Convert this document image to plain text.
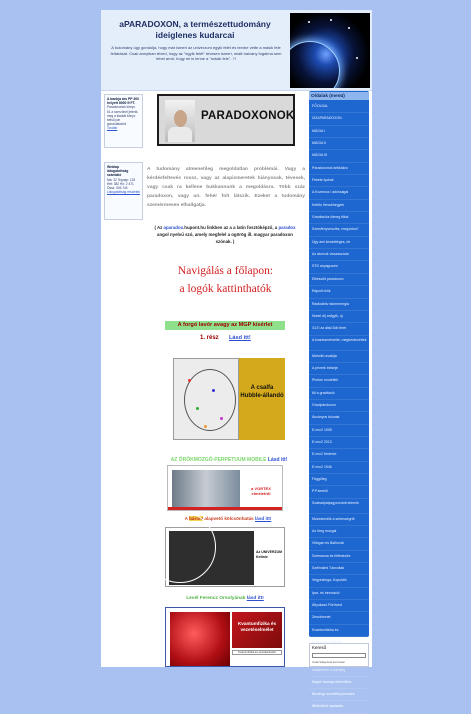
aPARADOXON, a természettudomány
ideiglenes kudarcai
A tudomány úgy gondolja, hogy már ismeri az univerzum egyik felét és tervbe vette a másik fele feltárását. Csak annyiban téved, hogy az "egyik felét" tévesen ismeri, miatt halvány fogalma sem lehet arról, hogy mi is lenne a "másik fele". ?!
A bankja árs PP 300 helyett 8000 ft FT.
Paradoxonok könyv. 61 a szerzőnél jelenik meg a kiadott könyv belső pár gondolatokról
Tovább
Weblap látogatottság számláló
Ma: 32 Tegnap: 133 Hét: 382 Hó: 2 471 Össz: 306 744
Látogatottság részletek
PARADOXONOK
A tudomány atmenetileg megoldatlan problémái. Vagy a kérdésfeltevés rossz, vagy az alapismeretek hiányosak, tévesek, vagy csak ra kellene bukkannunk a megoldásra. Több száz paradoxon, vagy un. fehér folt látszik. Ezeket a tudomány szemérmesen elhallgatja.
( Az aparadox.hupont.hu linkben az a a latin fosztóképző, a paradox angol nyelvű szó, amely megfelel a ogörög ill. magyar paradoxon szónak. )
Navigálás a főlapon:
a logók kattinthatók
A forgó lavór avagy az MGP kísérlet
1. rész Lásd itt!
A csalfa Hubble-állandó
AZ ÖRÖKMOZGÓ-PERPETUUM MOBILE Lásd itt!
a VORTEX elméletről
A bárom alapvető kölcsönhatás lásd itt!
Az UNIVERZUM Kettnie
Levél Ferencz Orsolyának lásd itt!
Kvantumfizika és vezetéselmélet
Kvantumfizika és vezetéselmélet
Oldalak (menü)
FŐOLDAL
ÚGAPARADOXON
MÁGIA I
MÁGIA II
MÁGIA III
Paradoxonok kritikákra
Fekete lyukak
A Kozmosz i adósságai
Kettős Hesséhegyek
Gravitációs tömeg titkai
Szemfényvesztés, megoldva?
Úgy ami kezdetleges, de
Az atomok visszaszóda
STD anyaguzem
Elkészült paradoxon
Rajzolt örök
Radioaktív atomenergia
Nobel díj anfgyik, új
GLTI az által 3db fleet
A kvantumelmélet, megkérdezettek
Maholtó avatója
A prímek belseje
Photon modellek
Mi a gravitáció
Gravipándozon
Ásványos búzaak
E=mc2 1905
E=mc2 2013
E=mc2 tördelve
E=mc2 1946
Függőleg
P.P.kezelő
Szabadpályagyorsított elemek
Mózeskedők a sebességről
Az öreg mozgal
Villogan és Ballrovát
Szémanna és felfedezés
Szélmalmi Táncoltak
Vegyeskriga, Kopuláló
Ipar- és innováció
Átlyukasó Pörövest
Zeusbonnet
Kvantumfizika és
zeiqkeném a sűrűség
Kapd: honlap felemlítés
Mentegi szemfényvesztés
Webtelkel tapiadás
Kereső
Csak kifejezést keressen
